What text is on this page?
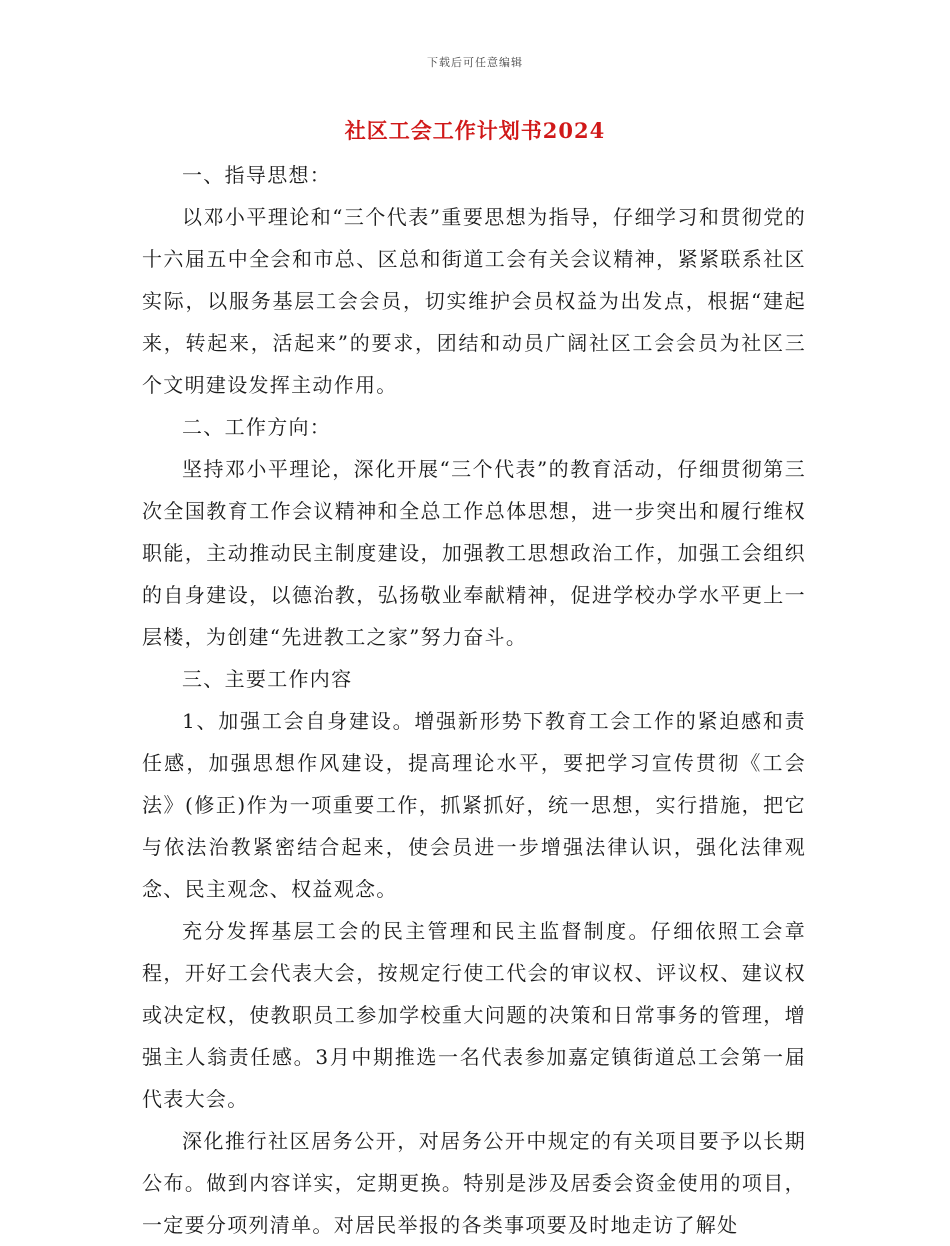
下载后可任意编辑
社区工会工作计划书2024

一、指导思想：

以邓小平理论和“三个代表”重要思想为指导，仔细学习和贯彻党的十六届五中全会和市总、区总和街道工会有关会议精神，紧紧联系社区实际，以服务基层工会会员，切实维护会员权益为出发点，根据“建起来，转起来，活起来”的要求，团结和动员广阔社区工会会员为社区三个文明建设发挥主动作用。

二、工作方向：

坚持邓小平理论，深化开展“三个代表”的教育活动，仔细贯彻第三次全国教育工作会议精神和全总工作总体思想，进一步突出和履行维权职能，主动推动民主制度建设，加强教工思想政治工作，加强工会组织的自身建设，以德治教，弘扬敬业奉献精神，促进学校办学水平更上一层楼，为创建“先进教工之家”努力奋斗。

三、主要工作内容

1、加强工会自身建设。增强新形势下教育工会工作的紧迫感和责任感，加强思想作风建设，提高理论水平，要把学习宣传贯彻《工会法》(修正)作为一项重要工作，抓紧抓好，统一思想，实行措施，把它与依法治教紧密结合起来，使会员进一步增强法律认识，强化法律观念、民主观念、权益观念。

充分发挥基层工会的民主管理和民主监督制度。仔细依照工会章程，开好工会代表大会，按规定行使工代会的审议权、评议权、建议权或决定权，使教职员工参加学校重大问题的决策和日常事务的管理，增强主人翁责任感。3月中期推选一名代表参加嘉定镇街道总工会第一届代表大会。

深化推行社区居务公开，对居务公开中规定的有关项目要予以长期公布。做到内容详实，定期更换。特别是涉及居委会资金使用的项目，一定要分项列清单。对居民举报的各类事项要及时地走访了解处
